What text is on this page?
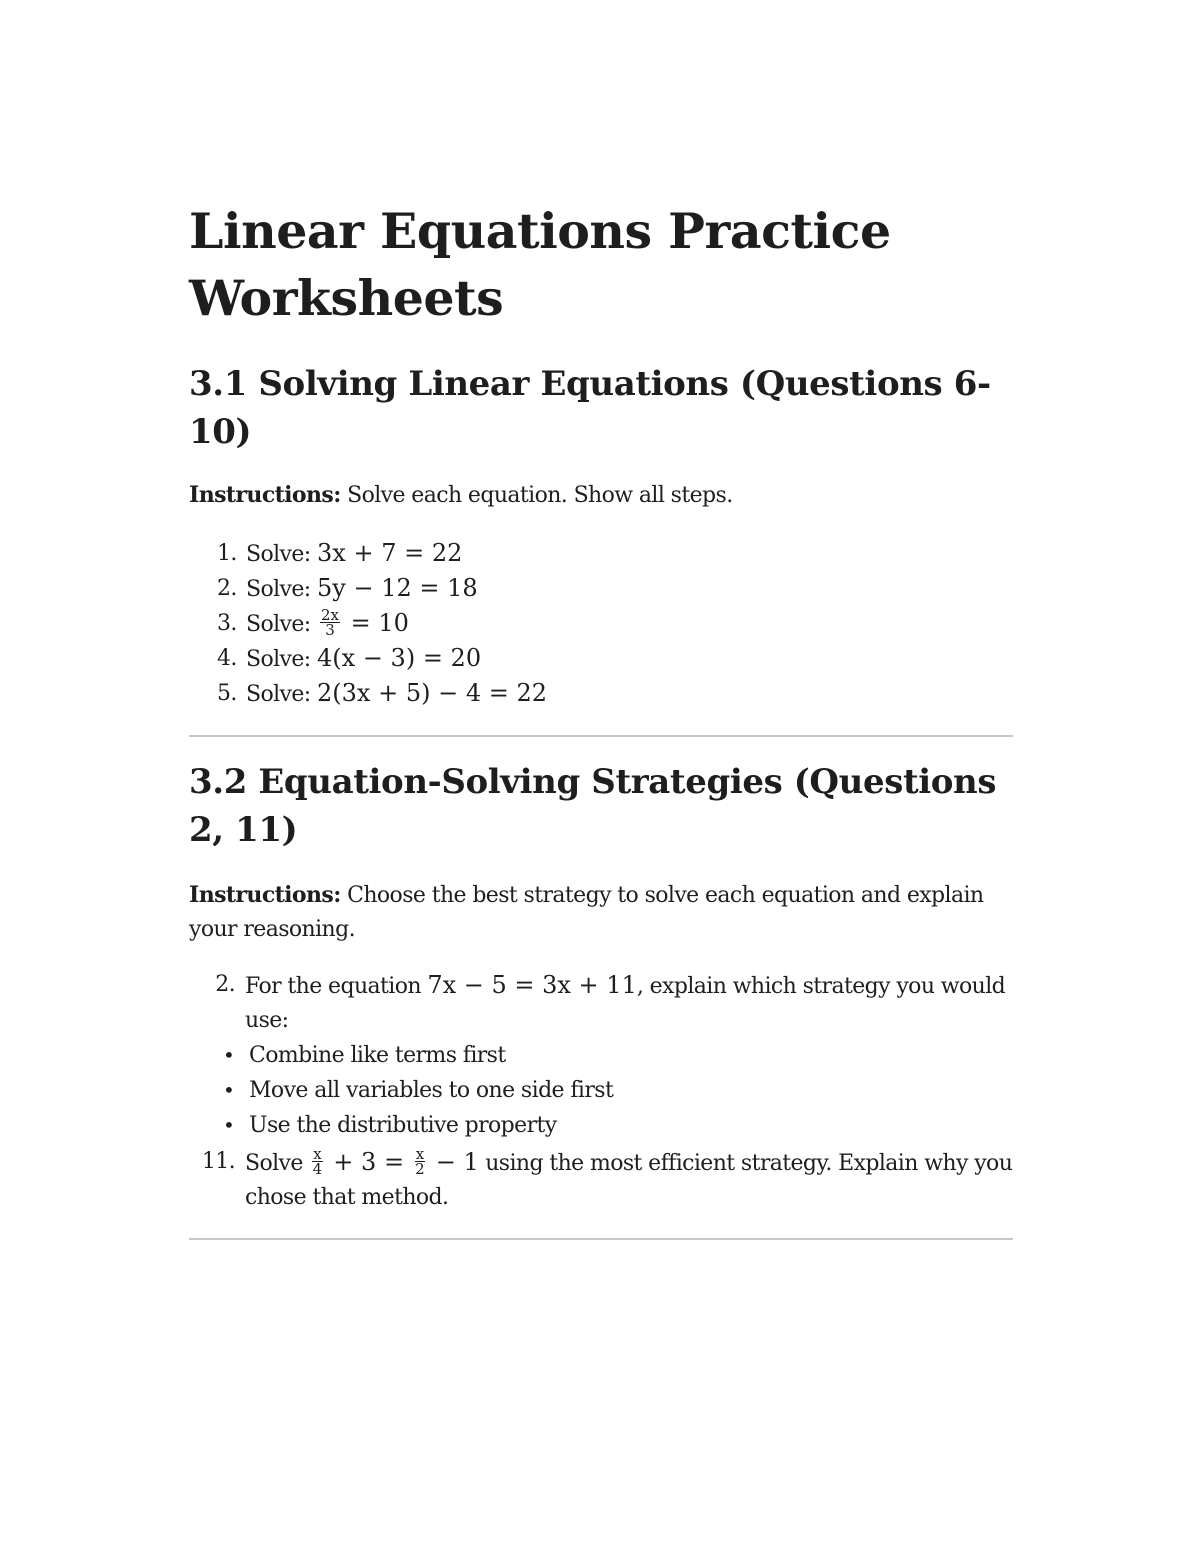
Linear Equations Practice Worksheets
3.1 Solving Linear Equations (Questions 6-10)

Instructions: Solve each equation. Show all steps.

1. Solve: 3x + 7 = 22
2. Solve: 5y − 12 = 18
3. Solve: $\frac{2x}{3} = 10$
4. Solve: 4(x − 3) = 20
5. Solve: 2(3x + 5) − 4 = 22
3.2 Equation-Solving Strategies (Questions 2, 11)

Instructions: Choose the best strategy to solve each equation and explain your reasoning.

2. For the equation 7x − 5 = 3x + 11, explain which strategy you would use:
• Combine like terms first
• Move all variables to one side first
• Use the distributive property
11. Solve $\frac{x}{4} + 3 = \frac{x}{2} - 1$ using the most efficient strategy. Explain why you chose that method.
